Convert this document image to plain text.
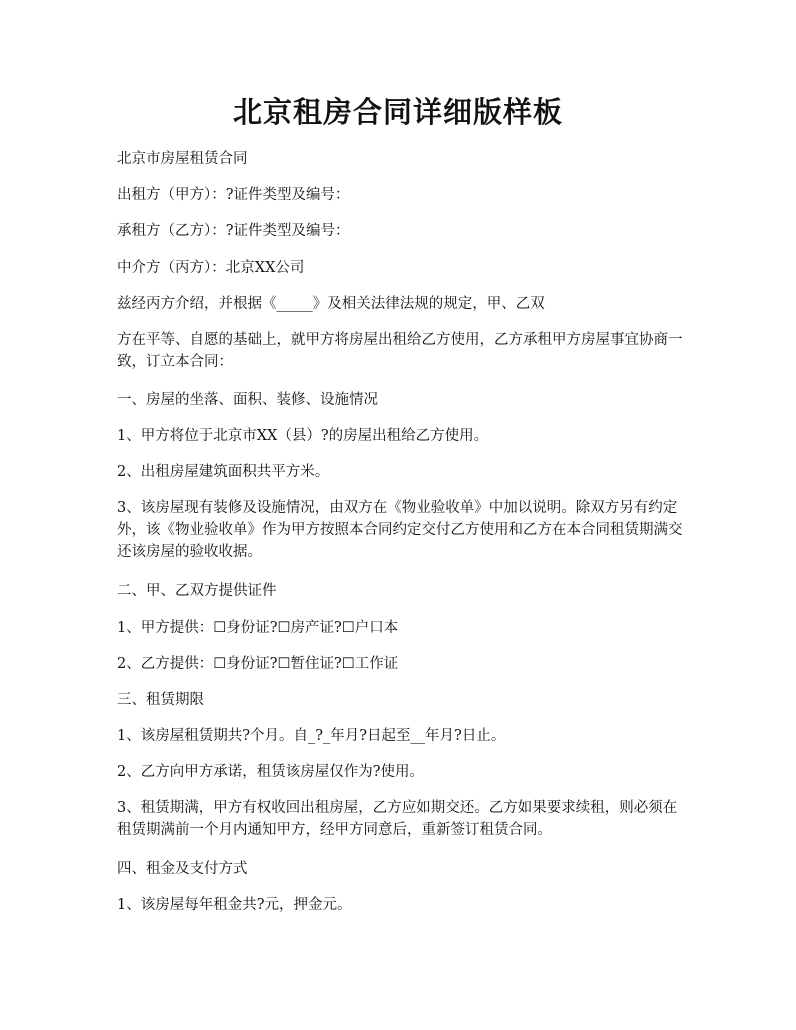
北京租房合同详细版样板

北京市房屋租赁合同

出租方（甲方）：?证件类型及编号：

承租方（乙方）：?证件类型及编号：

中介方（丙方）：北京XX公司

兹经丙方介绍，并根据《_____》及相关法律法规的规定，甲、乙双

方在平等、自愿的基础上，就甲方将房屋出租给乙方使用，乙方承租甲方房屋事宜协商一致，订立本合同：

一、房屋的坐落、面积、装修、设施情况

1、甲方将位于北京市XX（县）?的房屋出租给乙方使用。

2、出租房屋建筑面积共平方米。

3、该房屋现有装修及设施情况，由双方在《物业验收单》中加以说明。除双方另有约定外，该《物业验收单》作为甲方按照本合同约定交付乙方使用和乙方在本合同租赁期满交还该房屋的验收收据。

二、甲、乙双方提供证件

1、甲方提供：☐身份证?☐房产证?☐户口本

2、乙方提供：☐身份证?☐暂住证?☐工作证

三、租赁期限

1、该房屋租赁期共?个月。自_?_年月?日起至__年月?日止。

2、乙方向甲方承诺，租赁该房屋仅作为?使用。

3、租赁期满，甲方有权收回出租房屋，乙方应如期交还。乙方如果要求续租，则必须在租赁期满前一个月内通知甲方，经甲方同意后，重新签订租赁合同。

四、租金及支付方式

1、该房屋每年租金共?元，押金元。
